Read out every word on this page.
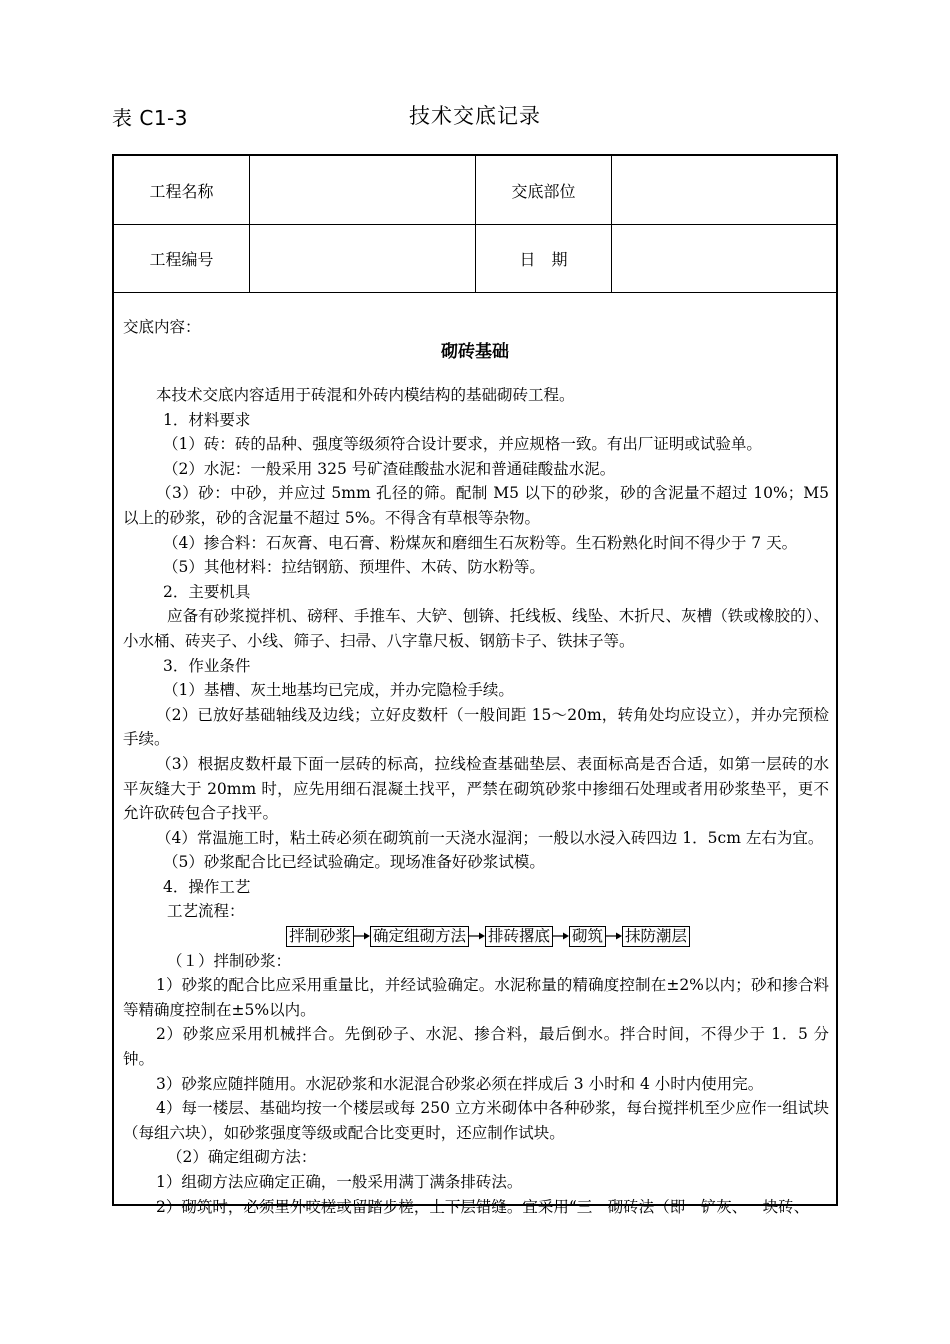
表 C1-3	技术交底记录
工程名称	交底部位
工程编号	日　期
交底内容：
砌砖基础

本技术交底内容适用于砖混和外砖内模结构的基础砌砖工程。

1．材料要求

（1）砖：砖的品种、强度等级须符合设计要求，并应规格一致。有出厂证明或试验单。

（2）水泥：一般采用 325 号矿渣硅酸盐水泥和普通硅酸盐水泥。

（3）砂：中砂，并应过 5mm 孔径的筛。配制 M5 以下的砂浆，砂的含泥量不超过 10%；M5 以上的砂浆，砂的含泥量不超过 5%。不得含有草根等杂物。

（4）掺合料：石灰膏、电石膏、粉煤灰和磨细生石灰粉等。生石粉熟化时间不得少于 7 天。

（5）其他材料：拉结钢筋、预埋件、木砖、防水粉等。

2．主要机具

应备有砂浆搅拌机、磅秤、手推车、大铲、刨锛、托线板、线坠、木折尺、灰槽（铁或橡胶的）、小水桶、砖夹子、小线、筛子、扫帚、八字靠尺板、钢筋卡子、铁抹子等。

3．作业条件

（1）基槽、灰土地基均已完成，并办完隐检手续。

（2）已放好基础轴线及边线；立好皮数杆（一般间距 15～20m，转角处均应设立），并办完预检手续。

（3）根据皮数杆最下面一层砖的标高，拉线检查基础垫层、表面标高是否合适，如第一层砖的水平灰缝大于 20mm 时，应先用细石混凝土找平，严禁在砌筑砂浆中掺细石处理或者用砂浆垫平，更不允许砍砖包合子找平。

（4）常温施工时，粘土砖必须在砌筑前一天浇水湿润；一般以水浸入砖四边 1．5cm 左右为宜。

（5）砂浆配合比已经试验确定。现场准备好砂浆试模。

4．操作工艺

工艺流程：

拌制砂浆 确定组砌方法 排砖撂底 砌筑 抹防潮层

（１）拌制砂浆：

1）砂浆的配合比应采用重量比，并经试验确定。水泥称量的精确度控制在±2%以内；砂和掺合料等精确度控制在±5%以内。

2）砂浆应采用机械拌合。先倒砂子、水泥、掺合料，最后倒水。拌合时间，不得少于 1．5 分钟。

3）砂浆应随拌随用。水泥砂浆和水泥混合砂浆必须在拌成后 3 小时和 4 小时内使用完。

4）每一楼层、基础均按一个楼层或每 250 立方米砌体中各种砂浆，每台搅拌机至少应作一组试块（每组六块），如砂浆强度等级或配合比变更时，还应制作试块。

（2）确定组砌方法：

1）组砌方法应确定正确，一般采用满丁满条排砖法。

2）砌筑时，必须里外咬槎或留踏步槎，上下层错缝。宜采用“三一砌砖法（即一铲灰、一块砖、
